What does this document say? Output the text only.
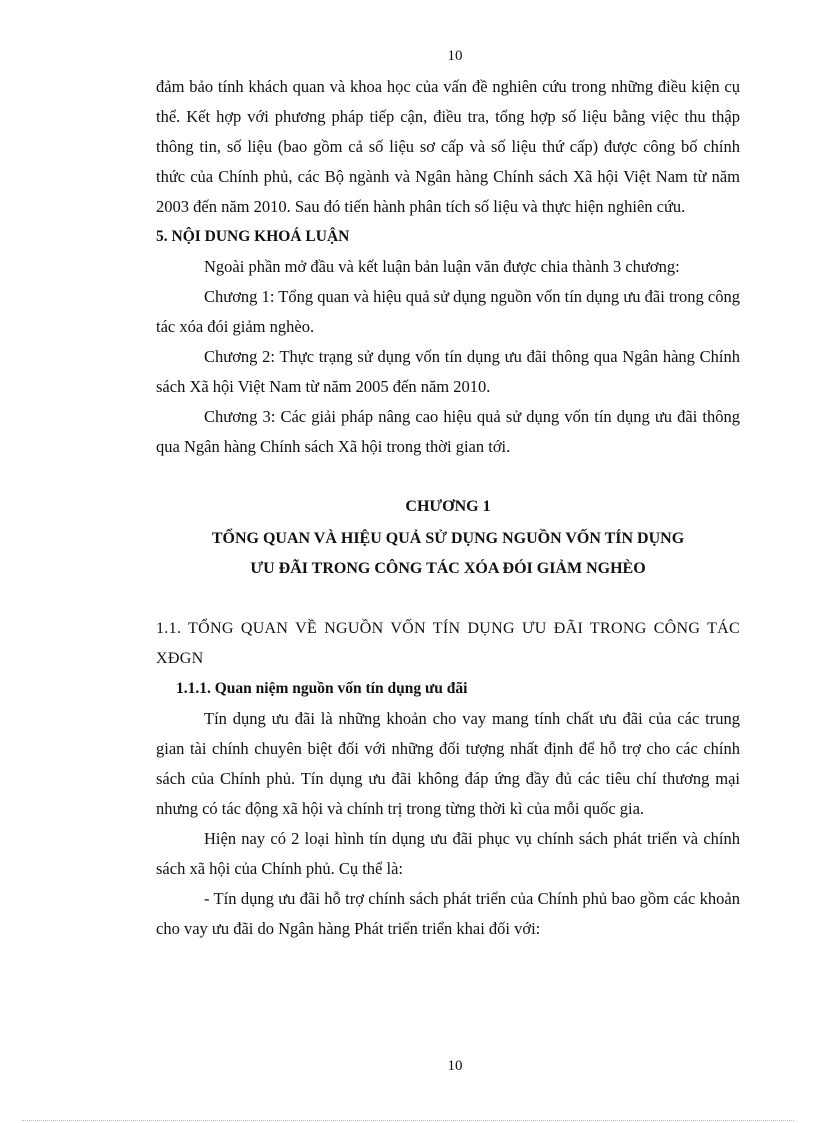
10

đảm bảo tính khách quan và khoa học của vấn đề nghiên cứu trong những điều kiện cụ thể. Kết hợp với phương pháp tiếp cận, điều tra, tổng hợp số liệu bằng việc thu thập thông tin, số liệu (bao gồm cả số liệu sơ cấp và số liệu thứ cấp) được công bố chính thức của Chính phủ, các Bộ ngành và Ngân hàng Chính sách Xã hội Việt Nam từ năm 2003 đến năm 2010. Sau đó tiến hành phân tích số liệu và thực hiện nghiên cứu.

5. NỘI DUNG KHOÁ LUẬN

Ngoài phần mở đầu và kết luận bản luận văn được chia thành 3 chương:

Chương 1: Tổng quan và hiệu quả sử dụng nguồn vốn tín dụng ưu đãi trong công tác xóa đói giảm nghèo.

Chương 2: Thực trạng sử dụng vốn tín dụng ưu đãi thông qua Ngân hàng Chính sách Xã hội Việt Nam từ năm 2005 đến năm 2010.

Chương 3: Các giải pháp nâng cao hiệu quả sử dụng vốn tín dụng ưu đãi thông qua Ngân hàng Chính sách Xã hội trong thời gian tới.

CHƯƠNG 1
TỔNG QUAN VÀ HIỆU QUẢ SỬ DỤNG NGUỒN VỐN TÍN DỤNG
ƯU ĐÃI TRONG CÔNG TÁC XÓA ĐÓI GIẢM NGHÈO
1.1. TỔNG QUAN VỀ NGUỒN VỐN TÍN DỤNG ƯU ĐÃI TRONG CÔNG TÁC XĐGN
1.1.1. Quan niệm nguồn vốn tín dụng ưu đãi

Tín dụng ưu đãi là những khoản cho vay mang tính chất ưu đãi của các trung gian tài chính chuyên biệt đối với những đối tượng nhất định để hỗ trợ cho các chính sách của Chính phủ. Tín dụng ưu đãi không đáp ứng đầy đủ các tiêu chí thương mại nhưng có tác động xã hội và chính trị trong từng thời kì của mỗi quốc gia.

Hiện nay có 2 loại hình tín dụng ưu đãi phục vụ chính sách phát triển và chính sách xã hội của Chính phủ. Cụ thể là:

- Tín dụng ưu đãi hỗ trợ chính sách phát triển của Chính phủ bao gồm các khoản cho vay ưu đãi do Ngân hàng Phát triển triển khai đối với:

10
